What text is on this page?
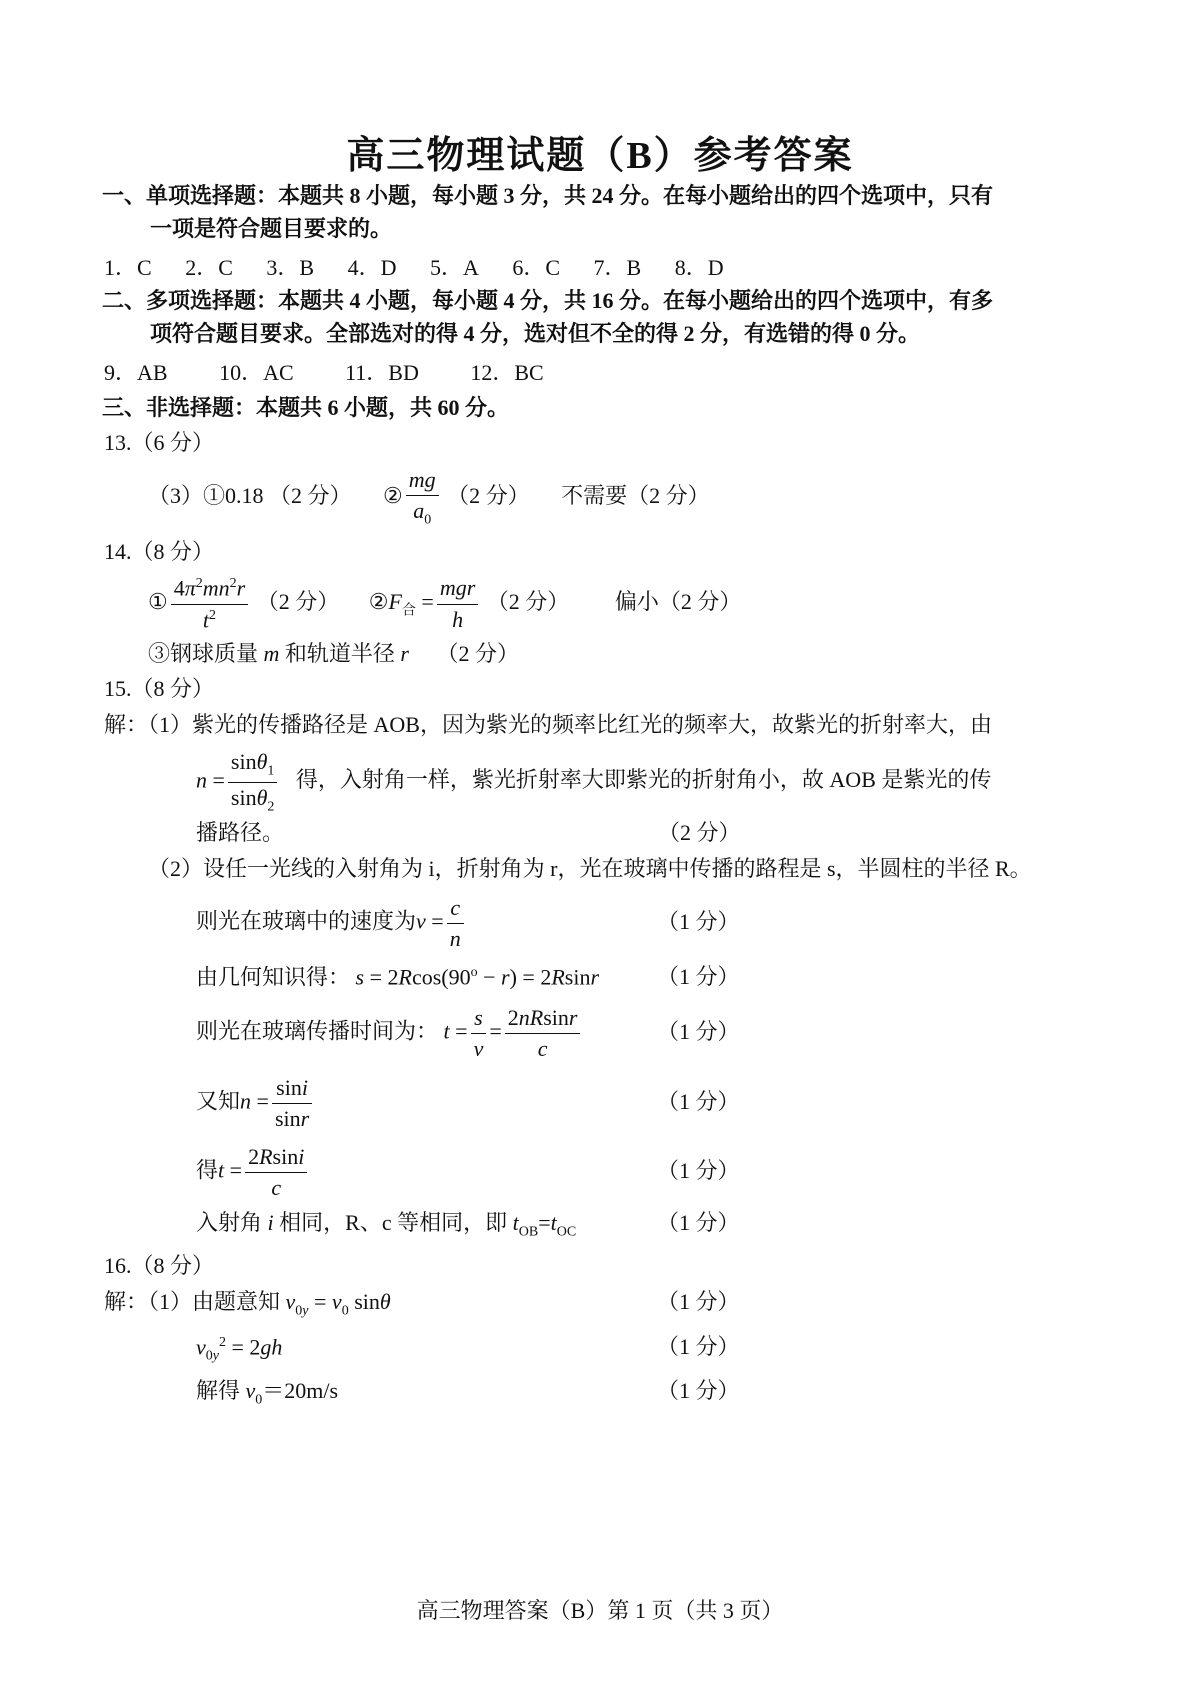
高三物理试题（B）参考答案
一、单项选择题：本题共 8 小题，每小题 3 分，共 24 分。在每小题给出的四个选项中，只有
一项是符合题目要求的。
1．C 2．C 3．B 4．D 5．A 6．C 7．B 8．D
二、多项选择题：本题共 4 小题，每小题 4 分，共 16 分。在每小题给出的四个选项中，有多
项符合题目要求。全部选对的得 4 分，选对但不全的得 2 分，有选错的得 0 分。
9．AB 10．AC 11．BD 12．BC
三、非选择题：本题共 6 小题，共 60 分。
13.（6 分）
（3）①0.18 （2 分） ② $\frac{mg}{a_0} (2$ 分） 不需要（2 分）
14.（8 分）
① $\frac{4\pi^2mn^2r}{t^2} (2$ 分） $②F_合 = \frac{\text{mgr}}{h} (2$ 分） 偏小（2 分）
③钢球质量 m 和轨道半径 r （2 分）
15.（8 分）
解：（1）紫光的传播路径是 AOB，因为紫光的频率比红光的频率大，故紫光的折射率大，由
$n = \frac{\sin\theta_1}{\sin\theta_2}$ 得，入射角一样，紫光折射率大即紫光的折射角小，故 AOB 是紫光的传
播路径。	（2 分）
（2）设任一光线的入射角为 i，折射角为 r，光在玻璃中传播的路程是 s，半圆柱的半径 R。
则光在玻璃中的速度为$v = \frac{c}{n}$	（1 分）
由几何知识得： $s = 2Rcos(90^o - r) = 2Rsinr$	（1 分）
则光在玻璃传播时间为： $t = \frac{s}{v} = \frac{2nRsinr}{c}$	（1 分）
又知$n = \frac{\sin i}{\sin r}$	（1 分）
得$t = \frac{2Rsini}{c}$	（1 分）
入射角 i 相同，R、c 等相同，即 $t_{OB}=t_{OC}$	（1 分）
16.（8 分）
解：（1）由题意知 $v_{0y} = v_0$ sinθ	（1 分）
$v_{0y}^2 = 2gh$	（1 分）
解得 $v_0=20m/s$	（1 分）
高三物理答案（B）第 1 页（共 3 页）
